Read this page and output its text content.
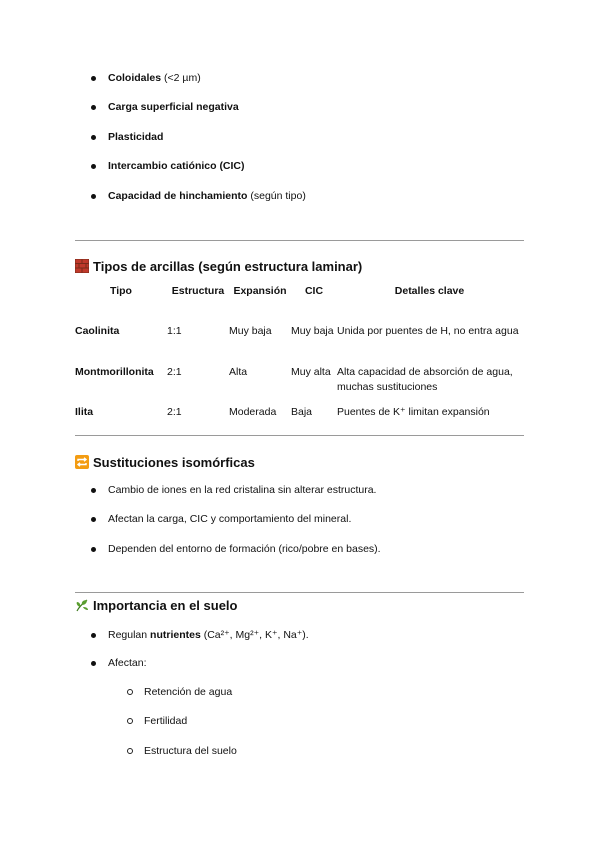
Coloidales (<2 µm)
Carga superficial negativa
Plasticidad
Intercambio catiónico (CIC)
Capacidad de hinchamiento (según tipo)
Tipos de arcillas (según estructura laminar)
Tipo	Estructura	Expansión	CIC	Detalles clave
Caolinita	1:1	Muy baja	Muy baja	Unida por puentes de H, no entra agua
Montmorillonita	2:1	Alta	Muy alta	Alta capacidad de absorción de agua, muchas sustituciones
Ilita	2:1	Moderada	Baja	Puentes de K⁺ limitan expansión
Sustituciones isomórficas
Cambio de iones en la red cristalina sin alterar estructura.
Afectan la carga, CIC y comportamiento del mineral.
Dependen del entorno de formación (rico/pobre en bases).
Importancia en el suelo
Regulan nutrientes (Ca²⁺, Mg²⁺, K⁺, Na⁺).
Afectan:
Retención de agua
Fertilidad
Estructura del suelo
